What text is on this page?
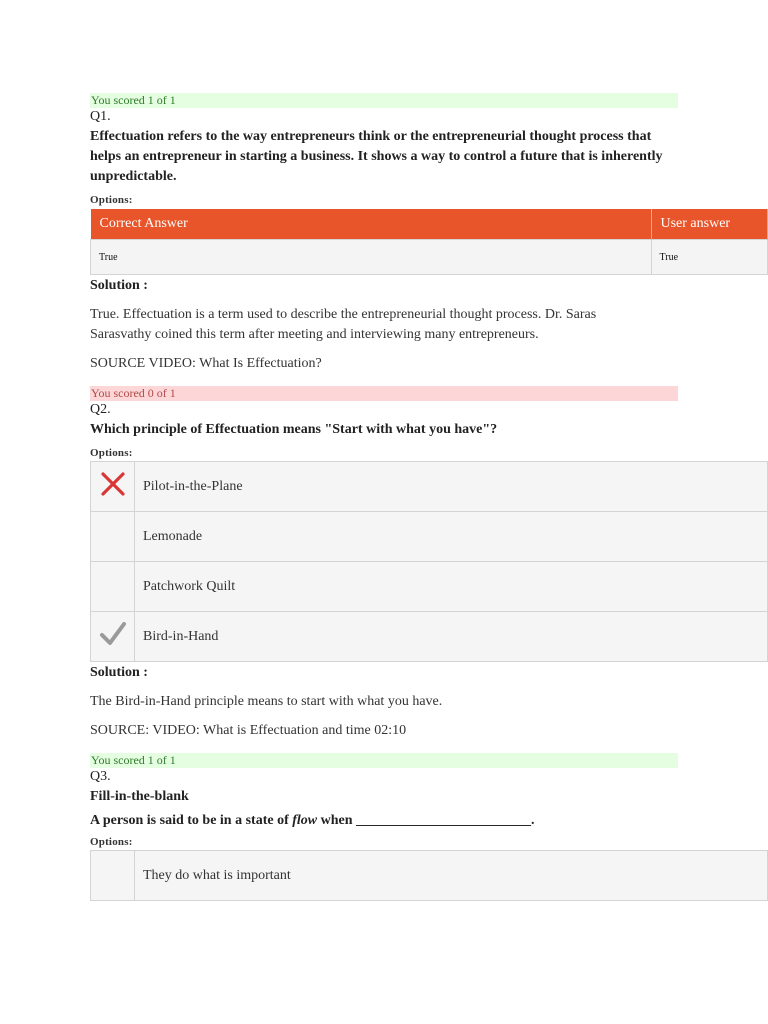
You scored 1 of 1
Q1.
Effectuation refers to the way entrepreneurs think or the entrepreneurial thought process that helps an entrepreneur in starting a business. It shows a way to control a future that is inherently unpredictable.
Options:
Correct Answer	User answer
True	True
Solution :
True. Effectuation is a term used to describe the entrepreneurial thought process. Dr. Saras Sarasvathy coined this term after meeting and interviewing many entrepreneurs.
SOURCE VIDEO: What Is Effectuation?
You scored 0 of 1
Q2.
Which principle of Effectuation means "Start with what you have"?
Options:
	Pilot-in-the-Plane
	Lemonade
	Patchwork Quilt
	Bird-in-Hand
Solution :
The Bird-in-Hand principle means to start with what you have.
SOURCE: VIDEO: What is Effectuation and time 02:10
You scored 1 of 1
Q3.
Fill-in-the-blank
A person is said to be in a state of flow when _________________________.
Options:
	They do what is important
